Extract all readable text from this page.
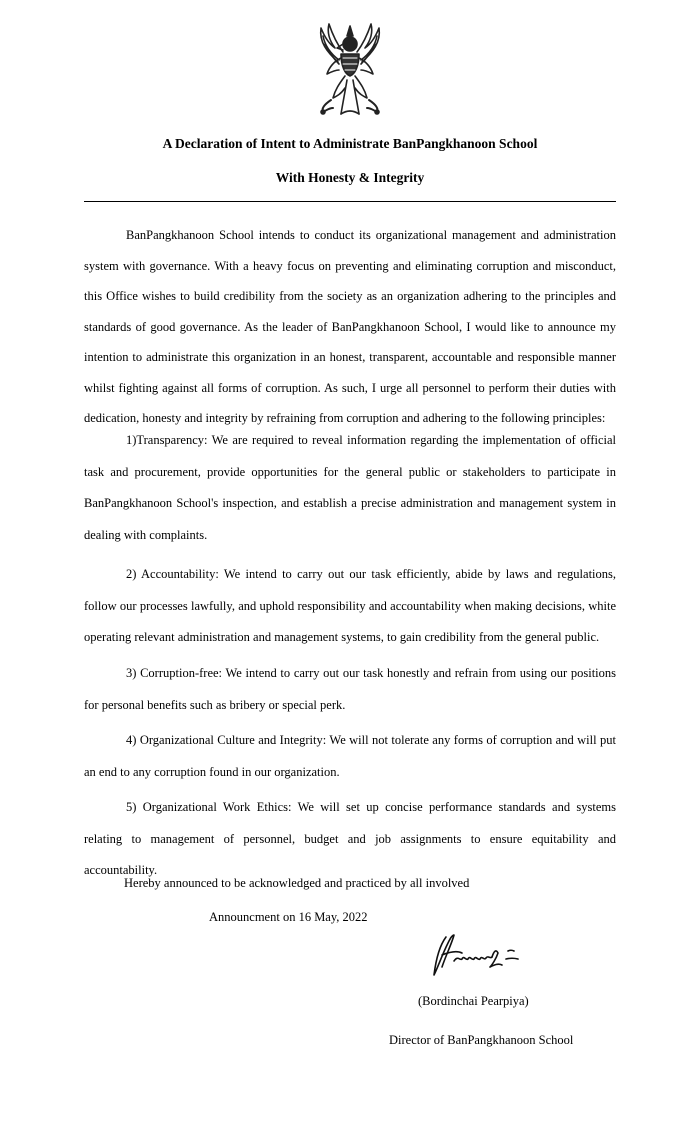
A Declaration of Intent to Administrate BanPangkhanoon School
With Honesty & Integrity

BanPangkhanoon School intends to conduct its organizational management and administration system with governance. With a heavy focus on preventing and eliminating corruption and misconduct, this Office wishes to build credibility from the society as an organization adhering to the principles and standards of good governance. As the leader of BanPangkhanoon School, I would like to announce my intention to administrate this organization in an honest, transparent, accountable and responsible manner whilst fighting against all forms of corruption. As such, I urge all personnel to perform their duties with dedication, honesty and integrity by refraining from corruption and adhering to the following principles:

1)Transparency: We are required to reveal information regarding the implementation of official task and procurement, provide opportunities for the general public or stakeholders to participate in BanPangkhanoon School's inspection, and establish a precise administration and management system in dealing with complaints.

2) Accountability: We intend to carry out our task efficiently, abide by laws and regulations, follow our processes lawfully, and uphold responsibility and accountability when making decisions, white operating relevant administration and management systems, to gain credibility from the general public.

3) Corruption-free: We intend to carry out our task honestly and refrain from using our positions for personal benefits such as bribery or special perk.

4) Organizational Culture and Integrity: We will not tolerate any forms of corruption and will put an end to any corruption found in our organization.

5) Organizational Work Ethics: We will set up concise performance standards and systems relating to management of personnel, budget and job assignments to ensure equitability and accountability.

Hereby announced to be acknowledged and practiced by all involved

Announcment on 16 May, 2022

(Bordinchai Pearpiya)

Director of BanPangkhanoon School
